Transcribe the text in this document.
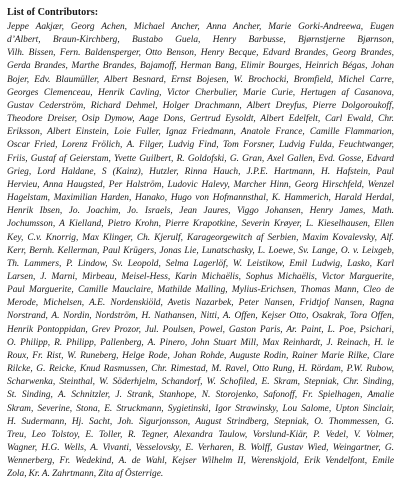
List of Contributors:
Jeppe Aakjær, Georg Achen, Michael Ancher, Anna Ancher, Marie Gorki-Andreewa, Eugen
d’Albert, Braun-Kirchberg, Bustabo Guela, Henry Barbusse, Bjørnstjerne Bjørnson,
Vilh. Bissen, Fern. Baldensperger, Otto Benson, Henry Becque, Edvard Brandes, Georg Brandes,
Gerda Brandes, Marthe Brandes, Bajamoff, Herman Bang, Elimir Bourges, Heinrich Bégas, Johan
Bojer, Edv. Blaumüller, Albert Besnard, Ernst Bojesen, W. Brochocki, Bromfield, Michel Carre,
Georges Clemenceau, Henrik Cavling, Victor Cherbulier, Marie Curie, Hertugen af Casanova,
Gustav Cederström, Richard Dehmel, Holger Drachmann, Albert Dreyfus, Pierre Dolgoroukoff,
Theodore Dreiser, Osip Dymow, Aage Dons, Gertrud Eysoldt, Albert Edelfelt, Carl Ewald, Chr.
Eriksson, Albert Einstein, Loie Fuller, Ignaz Friedmann, Anatole France, Camille Flammarion,
Oscar Fried, Lorenz Frölich, A. Filger, Ludvig Find, Tom Forsner, Ludvig Fulda, Feuchtwanger,
Friis, Gustaf af Geierstam, Yvette Guilbert, R. Goldofski, G. Gran, Axel Gallen, Evd. Gosse, Edvard
Grieg, Lord Haldane, S (Kainz), Hutzler, Rinna Hauch, J.P.E. Hartmann, H. Hafstein, Paul
Hervieu, Anna Haugsted, Per Halström, Ludovic Halevy, Marcher Hinn, Georg Hirschfeld, Wenzel
Hagelstam, Maximilian Harden, Hanako, Hugo von Hofmannsthal, K. Hammerich, Harald Herdal,
Henrik Ibsen, Jo. Joachim, Jo. Israels, Jean Jaures, Viggo Johansen, Henry James, Math.
Jochumsson, A Kielland, Pietro Krohn, Pierre Krapotkine, Severin Krøyer, L. Kieselhausen, Ellen
Key, C.v. Knorrig, Max Klinger, Ch. Kjerulf, Karageorgewitch af Serbien, Maxim Kovalevsky, Alf.
Kerr, Bernh. Kellerman, Paul Krügers, Jonas Lie, Lunatschasky, L. Loewe, Sv. Lange, O. v. Leixgeb,
Th. Lammers, P. Lindow, Sv. Leopold, Selma Lagerlöf, W. Leistikow, Emil Ludwig, Lasko, Karl
Larsen, J. Marni, Mirbeau, Meisel-Hess, Karin Michaëlis, Sophus Michaëlis, Victor Marguerite,
Paul Marguerite, Camille Mauclaire, Mathilde Malling, Mylius-Erichsen, Thomas Mann, Cleo de
Merode, Michelsen, A.E. Nordenskiöld, Avetis Nazarbek, Peter Nansen, Fridtjof Nansen, Ragna
Norstrand, A. Nordin, Nordström, H. Nathansen, Nitti, A. Offen, Kejser Otto, Osakrak, Tora Offen,
Henrik Pontoppidan, Grev Prozor, Jul. Poulsen, Powel, Gaston Paris, Ar. Paint, L. Poe, Psichari,
O. Philipp, R. Philipp, Pallenberg, A. Pinero, John Stuart Mill, Max Reinhardt, J. Reinach, H. le
Roux, Fr. Rist, W. Runeberg, Helge Rode, Johan Rohde, Auguste Rodin, Rainer Marie Rilke, Clare
Rilcke, G. Reicke, Knud Rasmussen, Chr. Rimestad, M. Ravel, Otto Rung, H. Rördam, P.W. Rubow,
Scharwenka, Steinthal, W. Söderhjelm, Schandorf, W. Schofiled, E. Skram, Stepniak, Chr. Sinding,
St. Sinding, A. Schnitzler, J. Strank, Stanhope, N. Storojenko, Safonoff, Fr. Spielhagen, Amalie
Skram, Severine, Stona, E. Struckmann, Sygietinski, Igor Strawinsky, Lou Salome, Upton Sinclair,
H. Sudermann, Hj. Sacht, Joh. Sigurjonsson, August Strindberg, Stepniak, O. Thommessen, G.
Treu, Leo Tolstoy, E. Toller, R. Tegner, Alexandra Taulow, Vorslund-Kiär, P. Vedel, V. Volmer,
Wagner, H.G. Wells, A. Vivanti, Vesselovsky, E. Verharen, B. Wolff, Gustav Wied, Weingartner, G.
Wennerberg, Fr. Wedekind, A. de Wahl, Kejser Wilhelm II, Werenskjold, Erik Vendelfont, Emile
Zola, Kr. A. Zahrtmann, Zita af Österrige.
